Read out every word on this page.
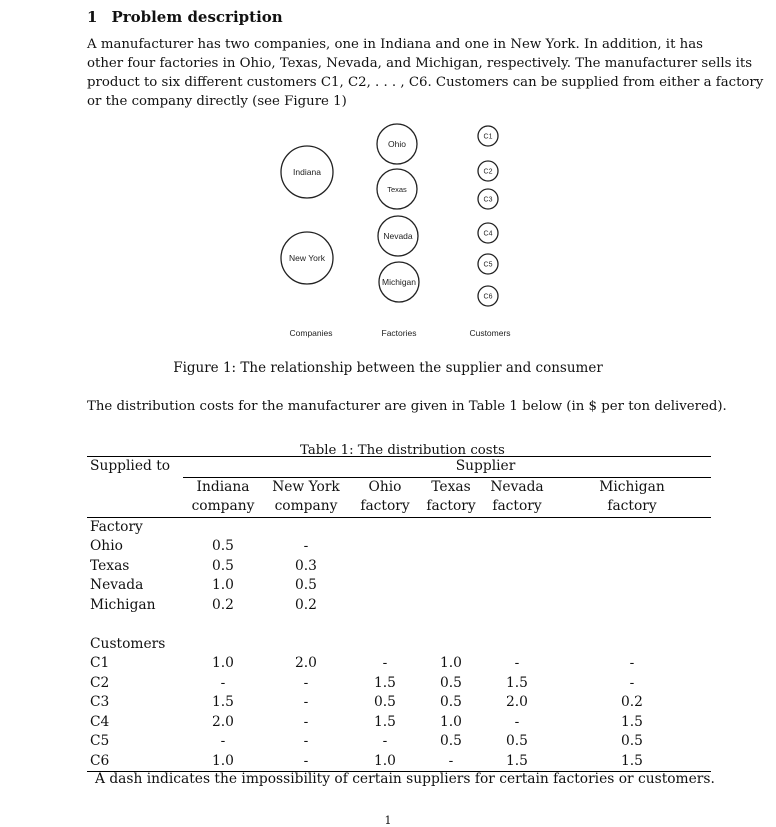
1 Problem description
A manufacturer has two companies, one in Indiana and one in New York. In addition, it has
other four factories in Ohio, Texas, Nevada, and Michigan, respectively. The manufacturer sells its
product to six different customers C1, C2, . . . , C6. Customers can be supplied from either a factory
or the company directly (see Figure 1)
Indiana
New York
Ohio
Texas
Nevada
Michigan
C1
C2
C3
C4
C5
C6
Companies	Factories	Customers
Figure 1: The relationship between the supplier and consumer
The distribution costs for the manufacturer are given in Table 1 below (in $ per ton delivered).
Table 1: The distribution costs
Supplied to	Supplier					
	Indiana	New York	Ohio	Texas	Nevada	Michigan
	company	company	factory	factory	factory	factory
Factory						
Ohio	0.5	-				
Texas	0.5	0.3				
Nevada	1.0	0.5				
Michigan	0.2	0.2				

Customers						
C1	1.0	2.0	-	1.0	-	-
C2	-	-	1.5	0.5	1.5	-
C3	1.5	-	0.5	0.5	2.0	0.2
C4	2.0	-	1.5	1.0	-	1.5
C5	-	-	-	0.5	0.5	0.5
C6	1.0	-	1.0	-	1.5	1.5
A dash indicates the impossibility of certain suppliers for certain factories or customers.
1
